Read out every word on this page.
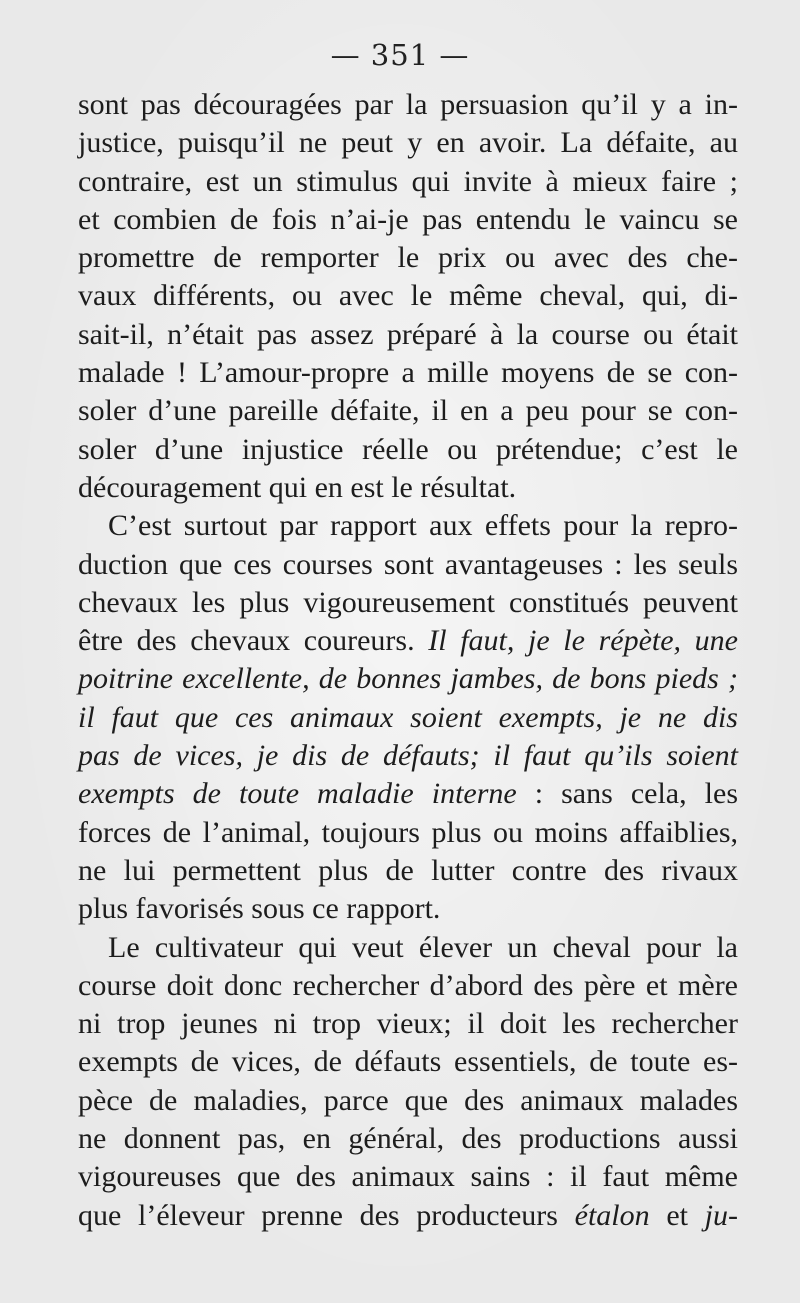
— 351 —
sont pas découragées par la persuasion qu’il y a in-
justice, puisqu’il ne peut y en avoir. La défaite, au
contraire, est un stimulus qui invite à mieux faire ;
et combien de fois n’ai-je pas entendu le vaincu se
promettre de remporter le prix ou avec des che-
vaux différents, ou avec le même cheval, qui, di-
sait-il, n’était pas assez préparé à la course ou était
malade ! L’amour-propre a mille moyens de se con-
soler d’une pareille défaite, il en a peu pour se con-
soler d’une injustice réelle ou prétendue; c’est le
découragement qui en est le résultat.
C’est surtout par rapport aux effets pour la repro-
duction que ces courses sont avantageuses : les seuls
chevaux les plus vigoureusement constitués peuvent
être des chevaux coureurs. Il faut, je le répète, une
poitrine excellente, de bonnes jambes, de bons pieds ;
il faut que ces animaux soient exempts, je ne dis
pas de vices, je dis de défauts; il faut qu’ils soient
exempts de toute maladie interne : sans cela, les
forces de l’animal, toujours plus ou moins affaiblies,
ne lui permettent plus de lutter contre des rivaux
plus favorisés sous ce rapport.
Le cultivateur qui veut élever un cheval pour la
course doit donc rechercher d’abord des père et mère
ni trop jeunes ni trop vieux; il doit les rechercher
exempts de vices, de défauts essentiels, de toute es-
pèce de maladies, parce que des animaux malades
ne donnent pas, en général, des productions aussi
vigoureuses que des animaux sains : il faut même
que l’éleveur prenne des producteurs étalon et ju-
